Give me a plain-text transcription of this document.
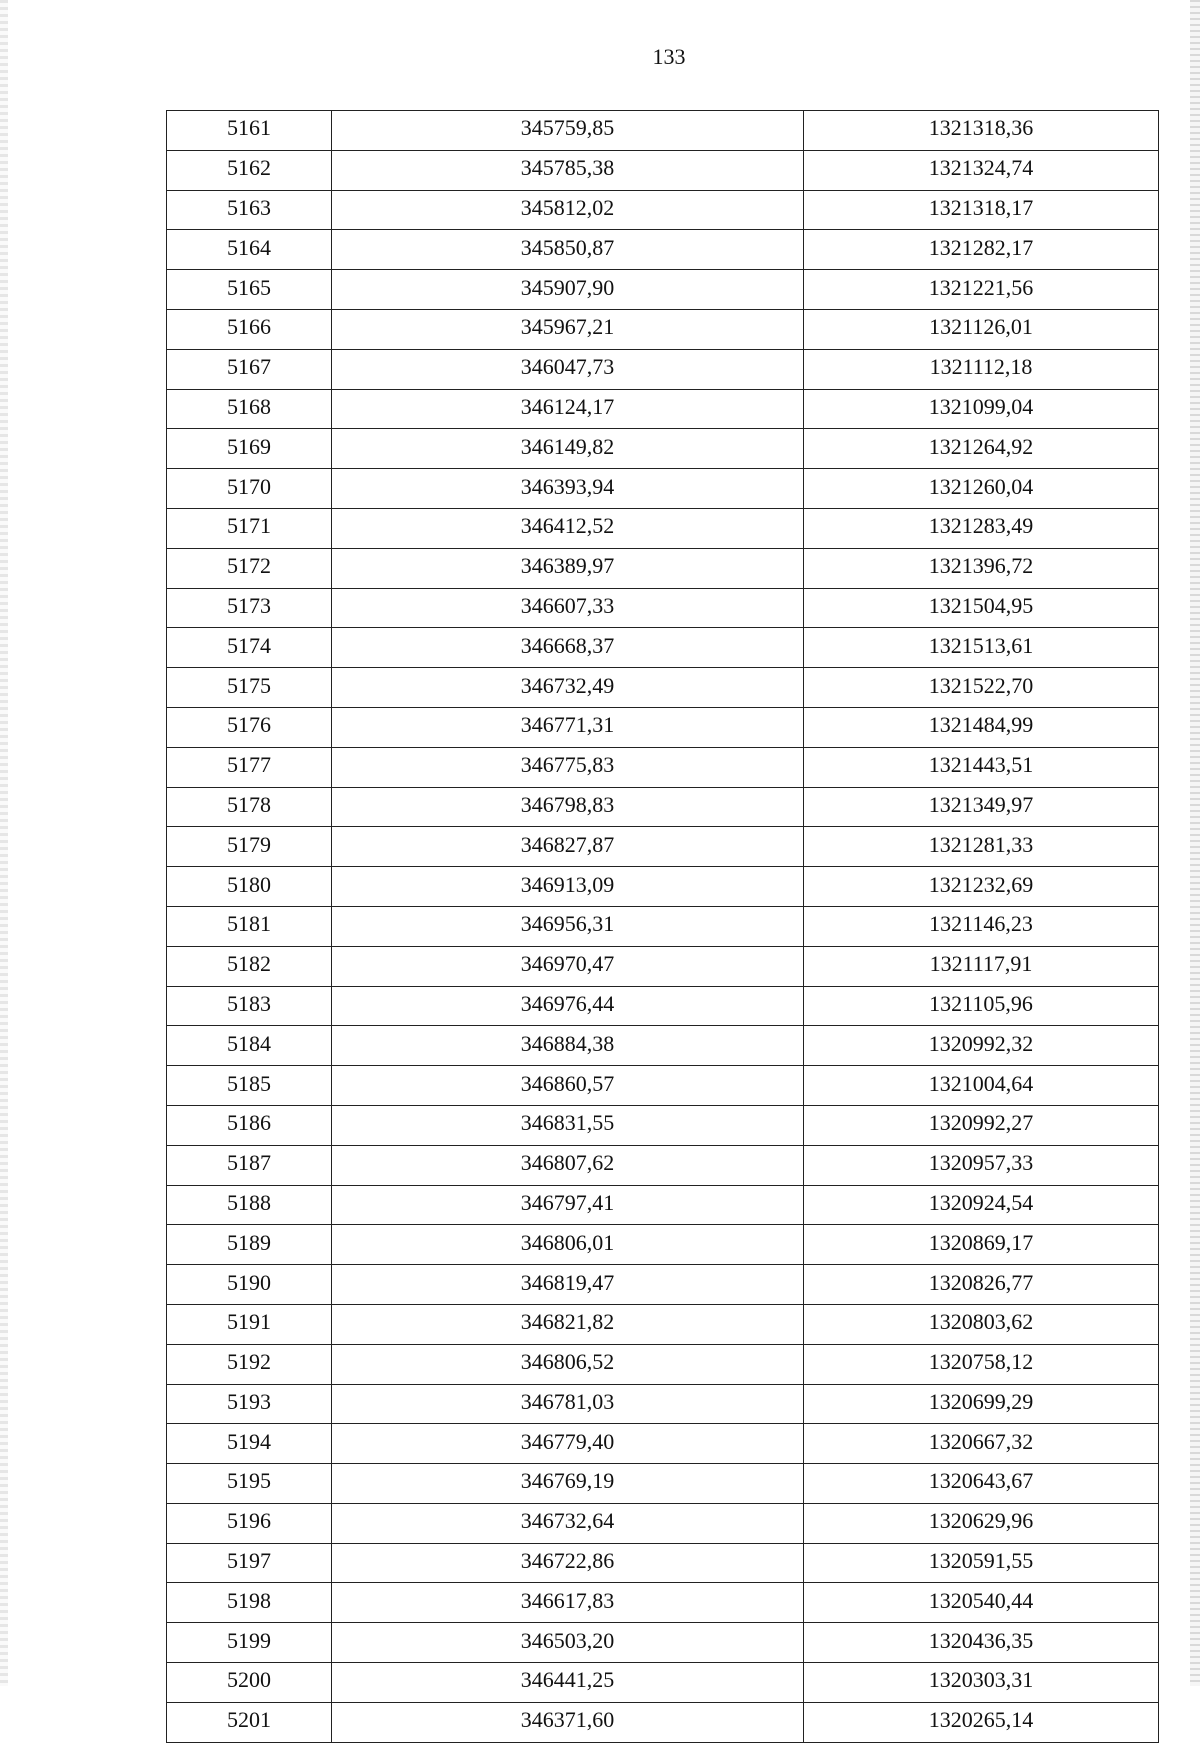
133
5161	345759,85	1321318,36
5162	345785,38	1321324,74
5163	345812,02	1321318,17
5164	345850,87	1321282,17
5165	345907,90	1321221,56
5166	345967,21	1321126,01
5167	346047,73	1321112,18
5168	346124,17	1321099,04
5169	346149,82	1321264,92
5170	346393,94	1321260,04
5171	346412,52	1321283,49
5172	346389,97	1321396,72
5173	346607,33	1321504,95
5174	346668,37	1321513,61
5175	346732,49	1321522,70
5176	346771,31	1321484,99
5177	346775,83	1321443,51
5178	346798,83	1321349,97
5179	346827,87	1321281,33
5180	346913,09	1321232,69
5181	346956,31	1321146,23
5182	346970,47	1321117,91
5183	346976,44	1321105,96
5184	346884,38	1320992,32
5185	346860,57	1321004,64
5186	346831,55	1320992,27
5187	346807,62	1320957,33
5188	346797,41	1320924,54
5189	346806,01	1320869,17
5190	346819,47	1320826,77
5191	346821,82	1320803,62
5192	346806,52	1320758,12
5193	346781,03	1320699,29
5194	346779,40	1320667,32
5195	346769,19	1320643,67
5196	346732,64	1320629,96
5197	346722,86	1320591,55
5198	346617,83	1320540,44
5199	346503,20	1320436,35
5200	346441,25	1320303,31
5201	346371,60	1320265,14
